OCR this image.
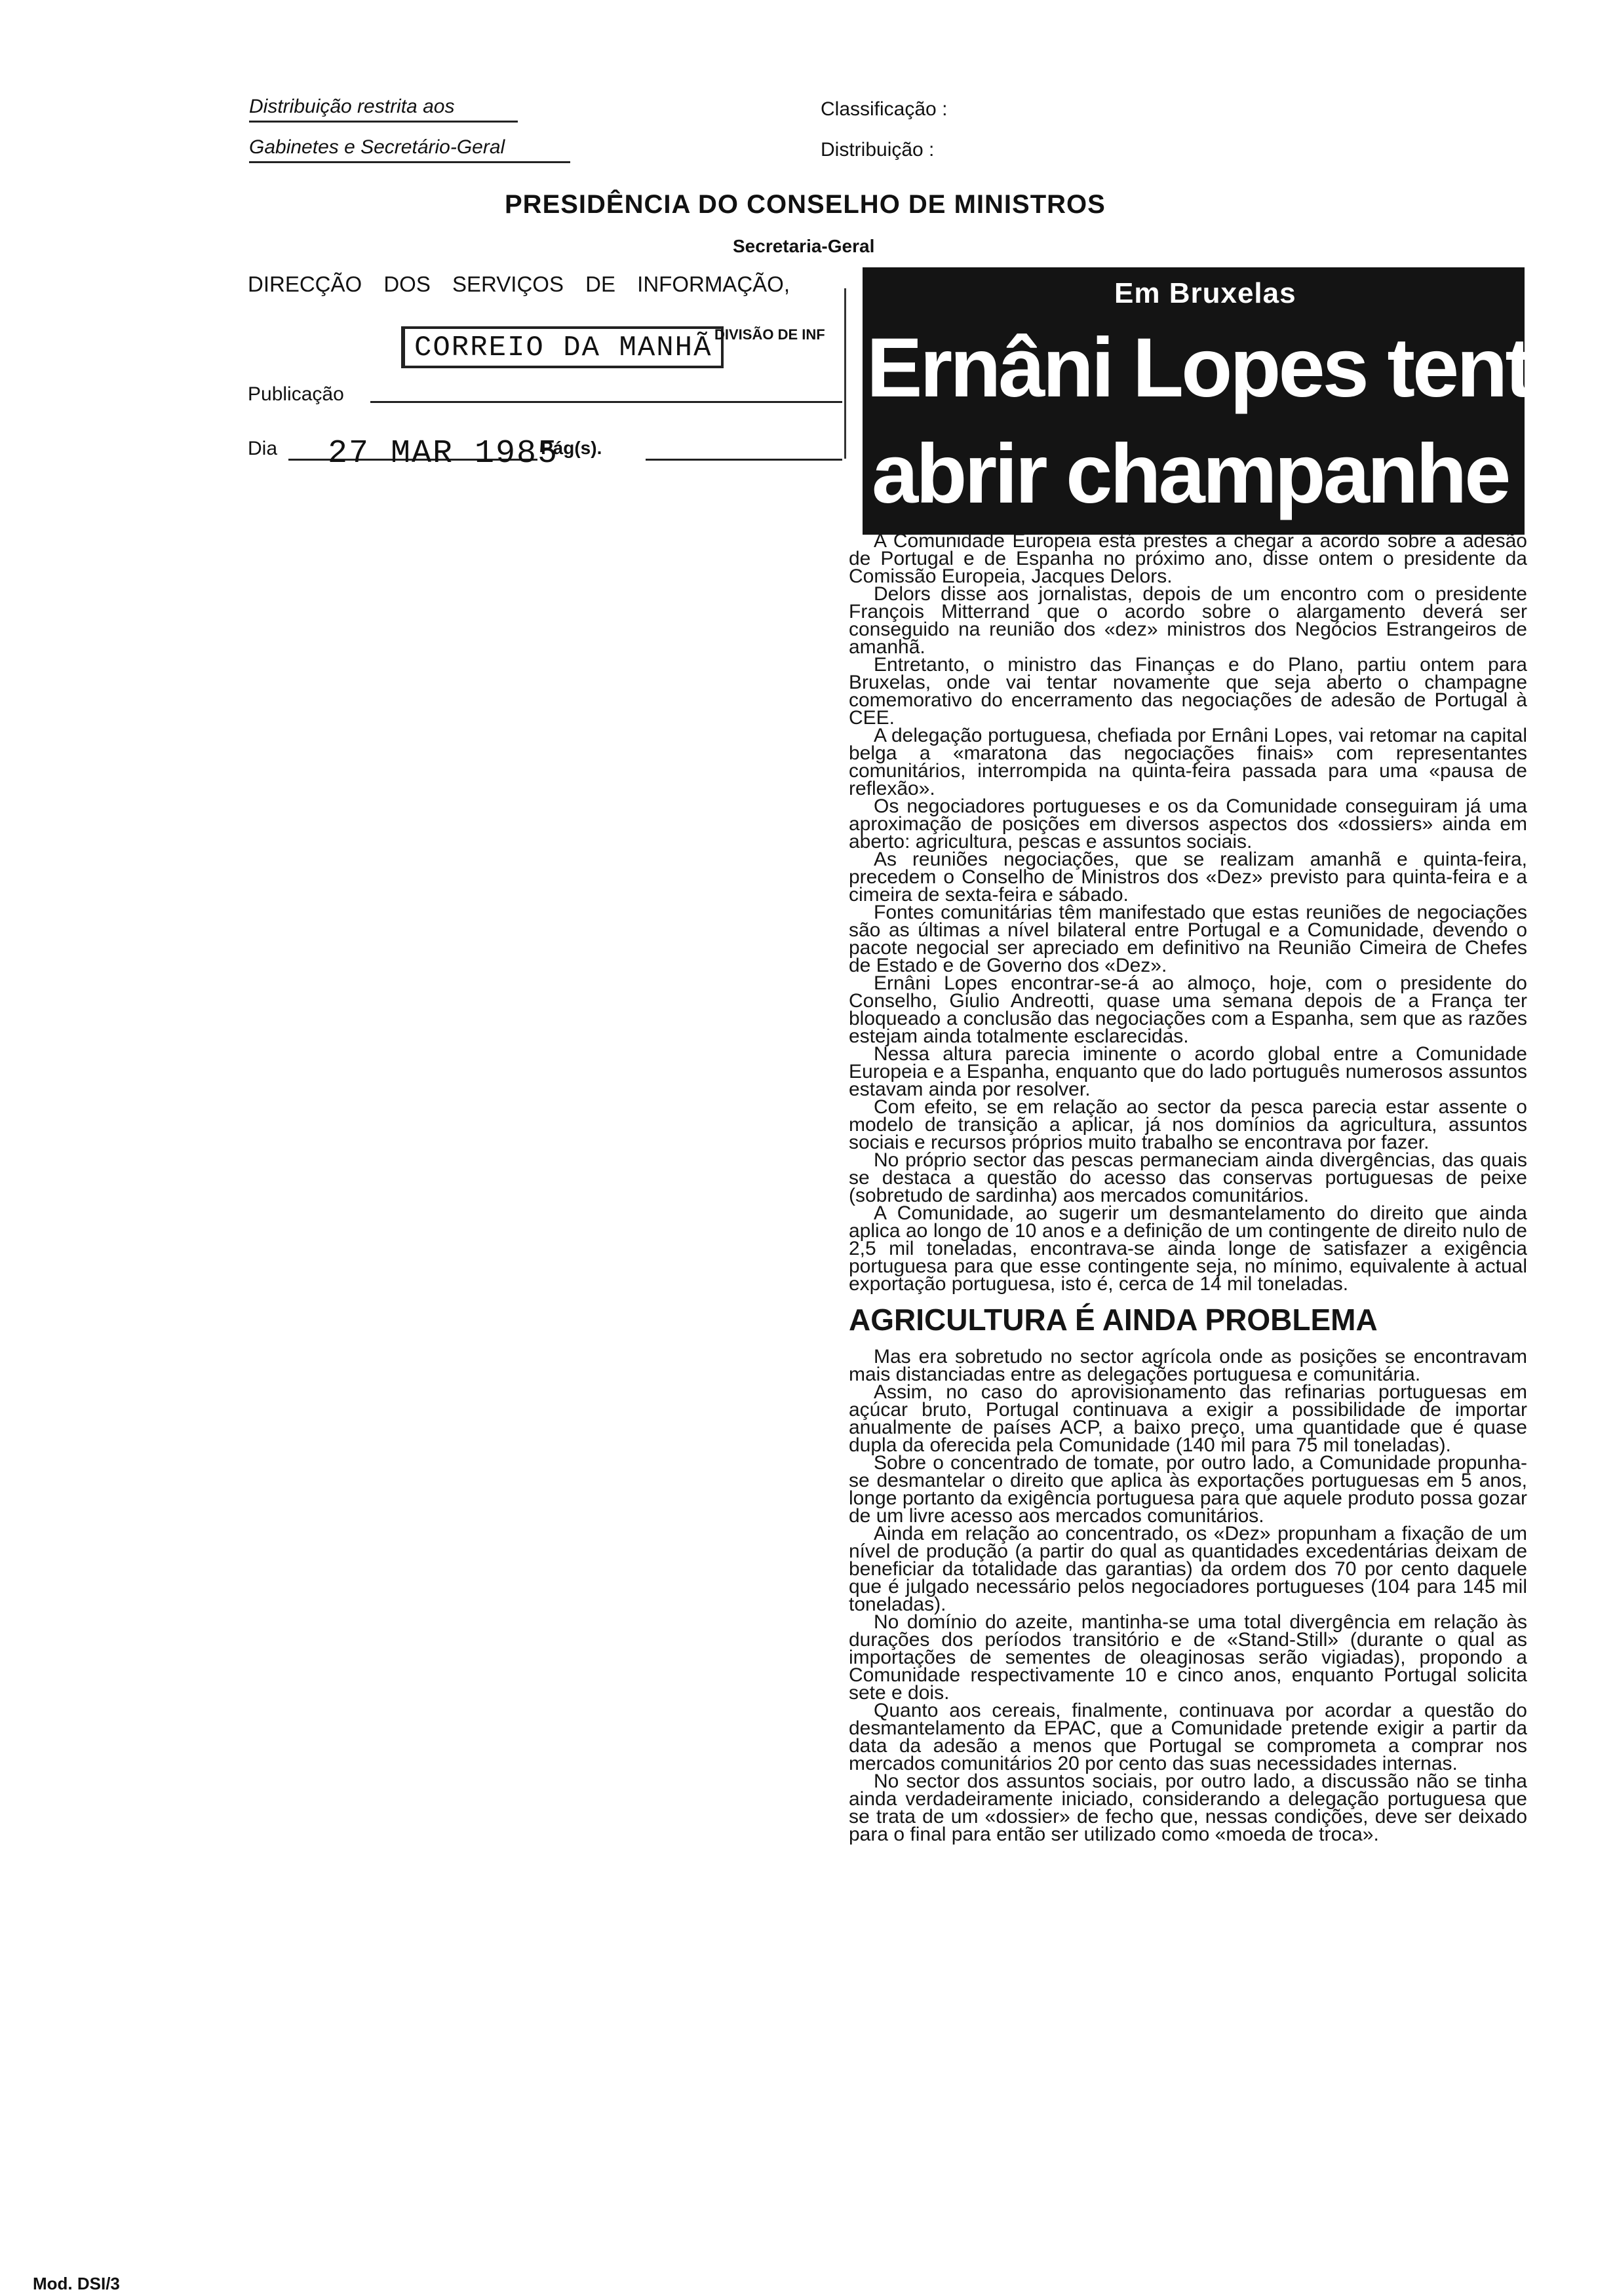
Distribuição restrita aos
Gabinetes e Secretário-Geral
Classificação :
Distribuição :
PRESIDÊNCIA DO CONSELHO DE MINISTROS
Secretaria-Geral
DIRECÇÃO DOS SERVIÇOS DE INFORMAÇÃO,
CORREIO DA MANHÃ DIVISÃO DE INF
Publicação
Dia 27 MAR 1985
Pág(s).
Em Bruxelas
Ernâni Lopes tenta
abrir champanhe

A Comunidade Europeia está prestes a chegar a acordo sobre a adesão de Portugal e de Espanha no próximo ano, disse ontem o presidente da Comissão Europeia, Jacques Delors.

Delors disse aos jornalistas, depois de um encontro com o presidente François Mitterrand que o acordo sobre o alargamento deverá ser conseguido na reunião dos «dez» ministros dos Negócios Estrangeiros de amanhã.

Entretanto, o ministro das Finanças e do Plano, partiu ontem para Bruxelas, onde vai tentar novamente que seja aberto o champagne comemorativo do encerramento das negociações de adesão de Portugal à CEE.

A delegação portuguesa, chefiada por Ernâni Lopes, vai retomar na capital belga a «maratona das negociações finais» com representantes comunitários, interrompida na quinta-feira passada para uma «pausa de reflexão».

Os negociadores portugueses e os da Comunidade conseguiram já uma aproximação de posições em diversos aspectos dos «dossiers» ainda em aberto: agricultura, pescas e assuntos sociais.

As reuniões negociações, que se realizam amanhã e quinta-feira, precedem o Conselho de Ministros dos «Dez» previsto para quinta-feira e a cimeira de sexta-feira e sábado.

Fontes comunitárias têm manifestado que estas reuniões de negociações são as últimas a nível bilateral entre Portugal e a Comunidade, devendo o pacote negocial ser apreciado em definitivo na Reunião Cimeira de Chefes de Estado e de Governo dos «Dez».

Ernâni Lopes encontrar-se-á ao almoço, hoje, com o presidente do Conselho, Giulio Andreotti, quase uma semana depois de a França ter bloqueado a conclusão das negociações com a Espanha, sem que as razões estejam ainda totalmente esclarecidas.

Nessa altura parecia iminente o acordo global entre a Comunidade Europeia e a Espanha, enquanto que do lado português numerosos assuntos estavam ainda por resolver.

Com efeito, se em relação ao sector da pesca parecia estar assente o modelo de transição a aplicar, já nos domínios da agricultura, assuntos sociais e recursos próprios muito trabalho se encontrava por fazer.

No próprio sector das pescas permaneciam ainda divergências, das quais se destaca a questão do acesso das conservas portuguesas de peixe (sobretudo de sardinha) aos mercados comunitários.

A Comunidade, ao sugerir um desmantelamento do direito que ainda aplica ao longo de 10 anos e a definição de um contingente de direito nulo de 2,5 mil toneladas, encontrava-se ainda longe de satisfazer a exigência portuguesa para que esse contingente seja, no mínimo, equivalente à actual exportação portuguesa, isto é, cerca de 14 mil toneladas.

AGRICULTURA É AINDA PROBLEMA

Mas era sobretudo no sector agrícola onde as posições se encontravam mais distanciadas entre as delegações portuguesa e comunitária.

Assim, no caso do aprovisionamento das refinarias portuguesas em açúcar bruto, Portugal continuava a exigir a possibilidade de importar anualmente de países ACP, a baixo preço, uma quantidade que é quase dupla da oferecida pela Comunidade (140 mil para 75 mil toneladas).

Sobre o concentrado de tomate, por outro lado, a Comunidade propunha-se desmantelar o direito que aplica às exportações portuguesas em 5 anos, longe portanto da exigência portuguesa para que aquele produto possa gozar de um livre acesso aos mercados comunitários.

Ainda em relação ao concentrado, os «Dez» propunham a fixação de um nível de produção (a partir do qual as quantidades excedentárias deixam de beneficiar da totalidade das garantias) da ordem dos 70 por cento daquele que é julgado necessário pelos negociadores portugueses (104 para 145 mil toneladas).

No domínio do azeite, mantinha-se uma total divergência em relação às durações dos períodos transitório e de «Stand-Still» (durante o qual as importações de sementes de oleaginosas serão vigiadas), propondo a Comunidade respectivamente 10 e cinco anos, enquanto Portugal solicita sete e dois.

Quanto aos cereais, finalmente, continuava por acordar a questão do desmantelamento da EPAC, que a Comunidade pretende exigir a partir da data da adesão a menos que Portugal se comprometa a comprar nos mercados comunitários 20 por cento das suas necessidades internas.

No sector dos assuntos sociais, por outro lado, a discussão não se tinha ainda verdadeiramente iniciado, considerando a delegação portuguesa que se trata de um «dossier» de fecho que, nessas condições, deve ser deixado para o final para então ser utilizado como «moeda de troca».

Mod. DSI/3
